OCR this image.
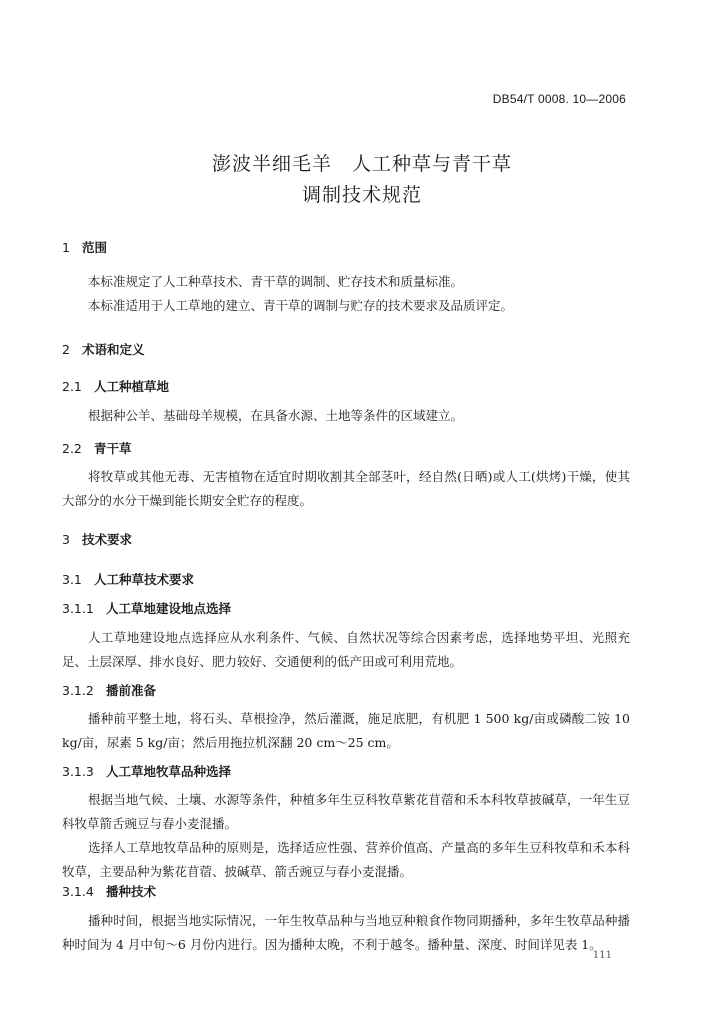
DB54/T 0008. 10—2006
澎波半细毛羊　人工种草与青干草
调制技术规范
1 范围
本标准规定了人工种草技术、青干草的调制、贮存技术和质量标准。
本标准适用于人工草地的建立、青干草的调制与贮存的技术要求及品质评定。
2 术语和定义
2.1 人工种植草地
根据种公羊、基础母羊规模，在具备水源、土地等条件的区域建立。
2.2 青干草
将牧草或其他无毒、无害植物在适宜时期收割其全部茎叶，经自然(日晒)或人工(烘烤)干燥，使其大部分的水分干燥到能长期安全贮存的程度。
3 技术要求
3.1 人工种草技术要求
3.1.1 人工草地建设地点选择
人工草地建设地点选择应从水利条件、气候、自然状况等综合因素考虑，选择地势平坦、光照充足、土层深厚、排水良好、肥力较好、交通便利的低产田或可利用荒地。
3.1.2 播前准备
播种前平整土地，将石头、草根捡净，然后灌溉，施足底肥，有机肥 1 500 kg/亩或磷酸二铵 10 kg/亩，尿素 5 kg/亩；然后用拖拉机深翻 20 cm～25 cm。
3.1.3 人工草地牧草品种选择
根据当地气候、土壤、水源等条件，种植多年生豆科牧草紫花苜蓿和禾本科牧草披碱草，一年生豆科牧草箭舌豌豆与春小麦混播。
选择人工草地牧草品种的原则是，选择适应性强、营养价值高、产量高的多年生豆科牧草和禾本科牧草，主要品种为紫花苜蓿、披碱草、箭舌豌豆与春小麦混播。
3.1.4 播种技术
播种时间，根据当地实际情况，一年生牧草品种与当地豆种粮食作物同期播种，多年生牧草品种播种时间为 4 月中旬～6 月份内进行。因为播种太晚，不利于越冬。播种量、深度、时间详见表 1。
111
